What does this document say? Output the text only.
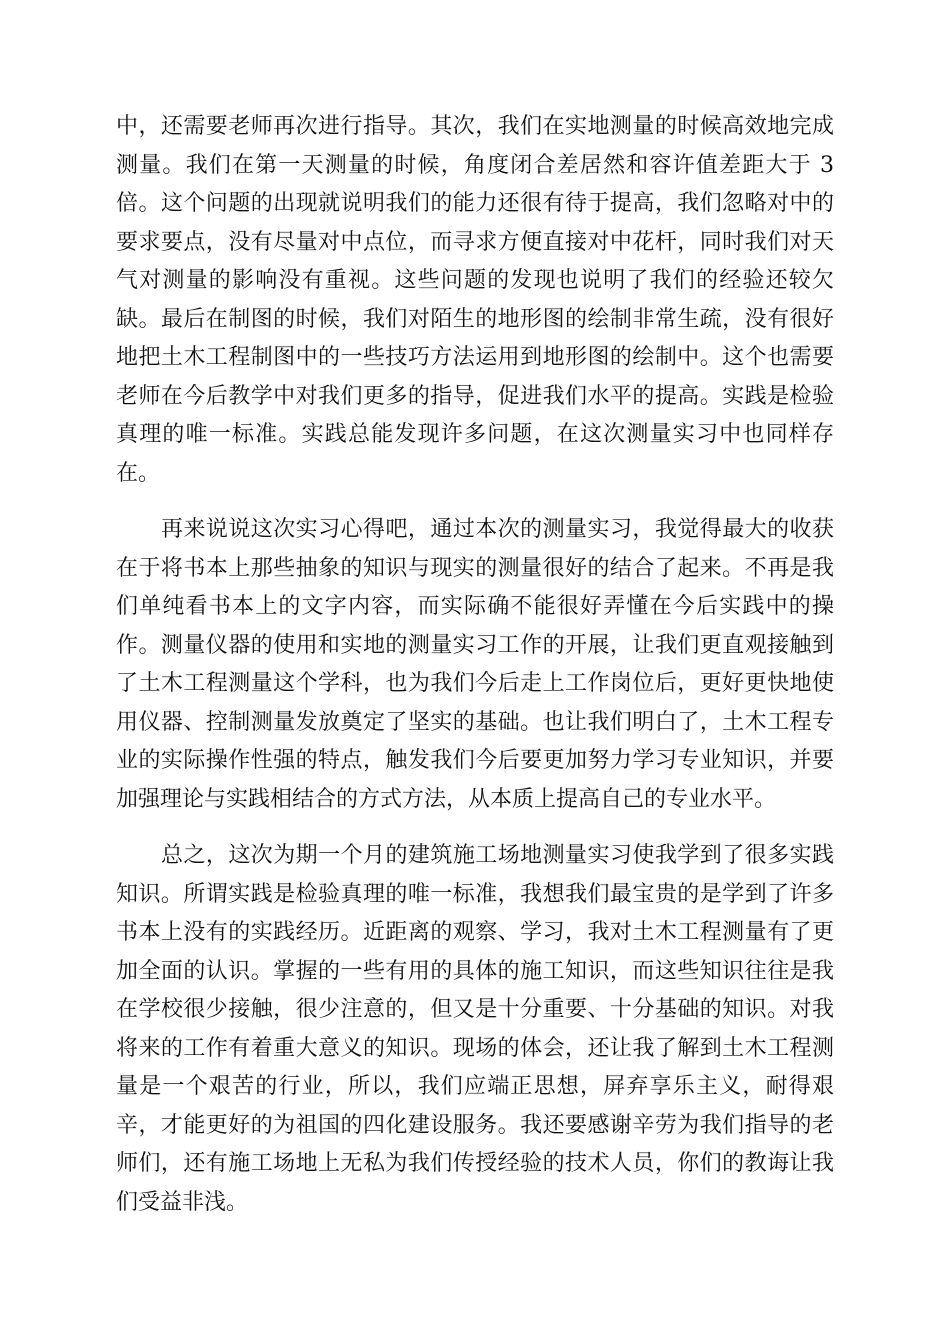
中，还需要老师再次进行指导。其次，我们在实地测量的时候高效地完成
测量。我们在第一天测量的时候，角度闭合差居然和容许值差距大于 3
倍。这个问题的出现就说明我们的能力还很有待于提高，我们忽略对中的
要求要点，没有尽量对中点位，而寻求方便直接对中花杆，同时我们对天
气对测量的影响没有重视。这些问题的发现也说明了我们的经验还较欠
缺。最后在制图的时候，我们对陌生的地形图的绘制非常生疏，没有很好
地把土木工程制图中的一些技巧方法运用到地形图的绘制中。这个也需要
老师在今后教学中对我们更多的指导，促进我们水平的提高。实践是检验
真理的唯一标准。实践总能发现许多问题，在这次测量实习中也同样存
在。
再来说说这次实习心得吧，通过本次的测量实习，我觉得最大的收获
在于将书本上那些抽象的知识与现实的测量很好的结合了起来。不再是我
们单纯看书本上的文字内容，而实际确不能很好弄懂在今后实践中的操
作。测量仪器的使用和实地的测量实习工作的开展，让我们更直观接触到
了土木工程测量这个学科，也为我们今后走上工作岗位后，更好更快地使
用仪器、控制测量发放奠定了坚实的基础。也让我们明白了，土木工程专
业的实际操作性强的特点，触发我们今后要更加努力学习专业知识，并要
加强理论与实践相结合的方式方法，从本质上提高自己的专业水平。
总之，这次为期一个月的建筑施工场地测量实习使我学到了很多实践
知识。所谓实践是检验真理的唯一标准，我想我们最宝贵的是学到了许多
书本上没有的实践经历。近距离的观察、学习，我对土木工程测量有了更
加全面的认识。掌握的一些有用的具体的施工知识，而这些知识往往是我
在学校很少接触，很少注意的，但又是十分重要、十分基础的知识。对我
将来的工作有着重大意义的知识。现场的体会，还让我了解到土木工程测
量是一个艰苦的行业，所以，我们应端正思想，屏弃享乐主义，耐得艰
辛，才能更好的为祖国的四化建设服务。我还要感谢辛劳为我们指导的老
师们，还有施工场地上无私为我们传授经验的技术人员，你们的教诲让我
们受益非浅。
